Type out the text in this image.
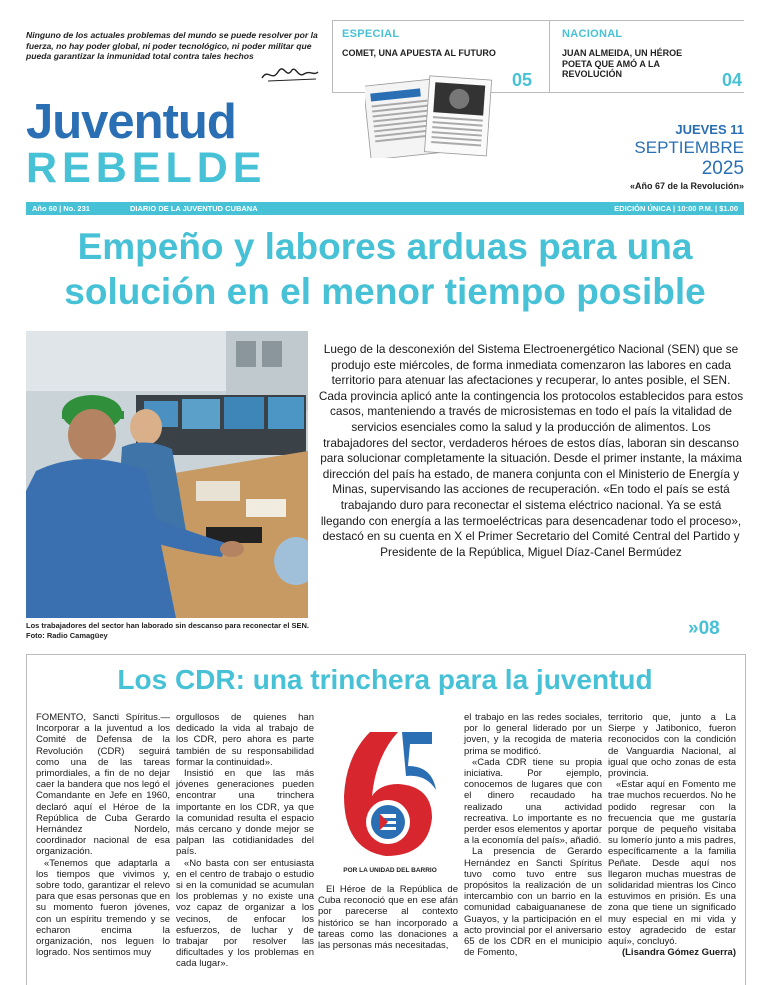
Ninguno de los actuales problemas del mundo se puede resolver por la fuerza, no hay poder global, ni poder tecnológico, ni poder militar que pueda garantizar la inmunidad total contra tales hechos
ESPECIAL
COMET, UNA APUESTA AL FUTURO
05
NACIONAL
JUAN ALMEIDA, UN HÉROE POETA QUE AMÓ A LA REVOLUCIÓN	04
Juventud
REBELDE
JUEVES 11
SEPTIEMBRE
2025
«Año 67 de la Revolución»
Año 60 | No. 231	DIARIO DE LA JUVENTUD CUBANA	EDICIÓN ÚNICA | 10:00 P.M. | $1.00
Empeño y labores arduas para una solución en el menor tiempo posible
Luego de la desconexión del Sistema Electroenergético Nacional (SEN) que se produjo este miércoles, de forma inmediata comenzaron las labores en cada territorio para atenuar las afectaciones y recuperar, lo antes posible, el SEN. Cada provincia aplicó ante la contingencia los protocolos establecidos para estos casos, manteniendo a través de microsistemas en todo el país la vitalidad de servicios esenciales como la salud y la producción de alimentos. Los trabajadores del sector, verdaderos héroes de estos días, laboran sin descanso para solucionar completamente la situación. Desde el primer instante, la máxima dirección del país ha estado, de manera conjunta con el Ministerio de Energía y Minas, supervisando las acciones de recuperación. «En todo el país se está trabajando duro para reconectar el sistema eléctrico nacional. Ya se está llegando con energía a las termoeléctricas para desencadenar todo el proceso», destacó en su cuenta en X el Primer Secretario del Comité Central del Partido y Presidente de la República, Miguel Díaz-Canel Bermúdez
Los trabajadores del sector han laborado sin descanso para reconectar el SEN. Foto: Radio Camagüey	»08
Los CDR: una trinchera para la juventud

FOMENTO, Sancti Spíritus.— Incorporar a la juventud a los Comité de Defensa de la Revolución (CDR) seguirá como una de las tareas primordiales, a fin de no dejar caer la bandera que nos legó el Comandante en Jefe en 1960, declaró aquí el Héroe de la República de Cuba Gerardo Hernández Nordelo, coordinador nacional de esa organización.

«Tenemos que adaptarla a los tiempos que vivimos y, sobre todo, garantizar el relevo para que esas personas que en su momento fueron jóvenes, con un espíritu tremendo y se echaron encima la organización, nos leguen lo logrado. Nos sentimos muy

orgullosos de quienes han dedicado la vida al trabajo de los CDR, pero ahora es parte también de su responsabilidad formar la continuidad».

Insistió en que las más jóvenes generaciones pueden encontrar una trinchera importante en los CDR, ya que la comunidad resulta el espacio más cercano y donde mejor se palpan las cotidianidades del país.

«No basta con ser entusiasta en el centro de trabajo o estudio si en la comunidad se acumulan los problemas y no existe una voz capaz de organizar a los vecinos, de enfocar los esfuerzos, de luchar y de trabajar por resolver las dificultades y los problemas en cada lugar».

POR LA UNIDAD DEL BARRIO

El Héroe de la República de Cuba reconoció que en ese afán por parecerse al contexto histórico se han incorporado a tareas como las donaciones a las personas más necesitadas,

el trabajo en las redes sociales, por lo general liderado por un joven, y la recogida de materia prima se modificó.

«Cada CDR tiene su propia iniciativa. Por ejemplo, conocemos de lugares que con el dinero recaudado ha realizado una actividad recreativa. Lo importante es no perder esos elementos y aportar a la economía del país», añadió.

La presencia de Gerardo Hernández en Sancti Spíritus tuvo como tuvo entre sus propósitos la realización de un intercambio con un barrio en la comunidad cabaiguananese de Guayos, y la participación en el acto provincial por el aniversario 65 de los CDR en el municipio de Fomento,

territorio que, junto a La Sierpe y Jatibonico, fueron reconocidos con la condición de Vanguardia Nacional, al igual que ocho zonas de esta provincia.

«Estar aquí en Fomento me trae muchos recuerdos. No he podido regresar con la frecuencia que me gustaría porque de pequeño visitaba su lomerío junto a mis padres, específicamente a la familia Peñate. Desde aquí nos llegaron muchas muestras de solidaridad mientras los Cinco estuvimos en prisión. Es una zona que tiene un significado muy especial en mi vida y estoy agradecido de estar aquí», concluyó.

(Lisandra Gómez Guerra)
